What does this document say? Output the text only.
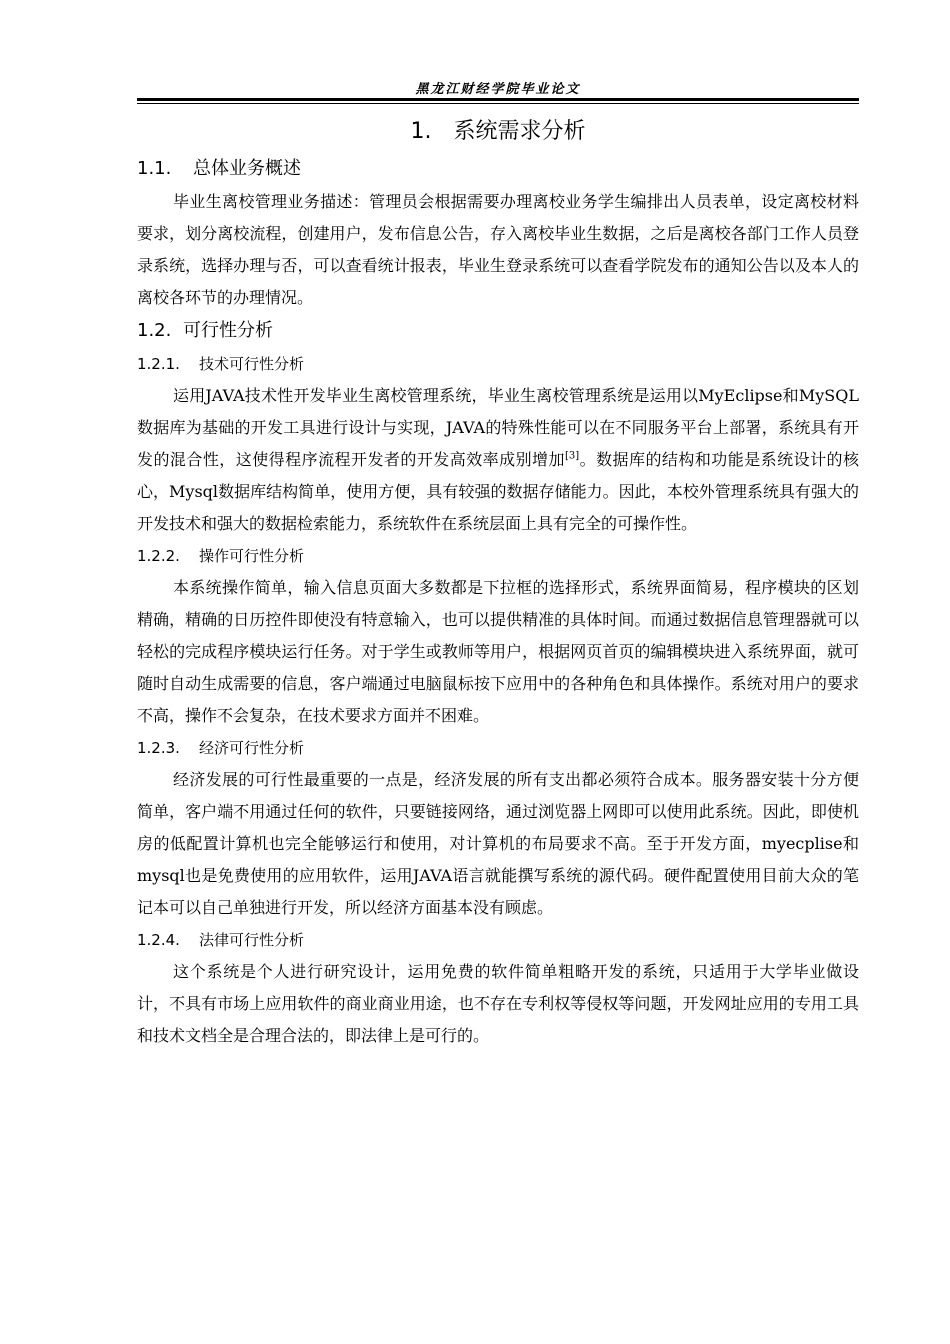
黑龙江财经学院毕业论文
1. 系统需求分析
1.1. 总体业务概述

毕业生离校管理业务描述：管理员会根据需要办理离校业务学生编排出人员表单，设定离校材料要求，划分离校流程，创建用户，发布信息公告，存入离校毕业生数据，之后是离校各部门工作人员登录系统，选择办理与否，可以查看统计报表，毕业生登录系统可以查看学院发布的通知公告以及本人的离校各环节的办理情况。

1.2. 可行性分析
1.2.1. 技术可行性分析

运用JAVA技术性开发毕业生离校管理系统，毕业生离校管理系统是运用以MyEclipse和MySQL数据库为基础的开发工具进行设计与实现，JAVA的特殊性能可以在不同服务平台上部署，系统具有开发的混合性，这使得程序流程开发者的开发高效率成别增加[3]。数据库的结构和功能是系统设计的核心，Mysql数据库结构简单，使用方便，具有较强的数据存储能力。因此，本校外管理系统具有强大的开发技术和强大的数据检索能力，系统软件在系统层面上具有完全的可操作性。

1.2.2. 操作可行性分析

本系统操作简单，输入信息页面大多数都是下拉框的选择形式，系统界面简易，程序模块的区划精确，精确的日历控件即使没有特意输入，也可以提供精准的具体时间。而通过数据信息管理器就可以轻松的完成程序模块运行任务。对于学生或教师等用户，根据网页首页的编辑模块进入系统界面，就可随时自动生成需要的信息，客户端通过电脑鼠标按下应用中的各种角色和具体操作。系统对用户的要求不高，操作不会复杂，在技术要求方面并不困难。

1.2.3. 经济可行性分析

经济发展的可行性最重要的一点是，经济发展的所有支出都必须符合成本。服务器安装十分方便简单，客户端不用通过任何的软件，只要链接网络，通过浏览器上网即可以使用此系统。因此，即使机房的低配置计算机也完全能够运行和使用，对计算机的布局要求不高。至于开发方面，myecplise和 mysql也是免费使用的应用软件，运用JAVA语言就能撰写系统的源代码。硬件配置使用目前大众的笔记本可以自己单独进行开发，所以经济方面基本没有顾虑。

1.2.4. 法律可行性分析

这个系统是个人进行研究设计，运用免费的软件简单粗略开发的系统，只适用于大学毕业做设计，不具有市场上应用软件的商业商业用途，也不存在专利权等侵权等问题，开发网址应用的专用工具和技术文档全是合理合法的，即法律上是可行的。
